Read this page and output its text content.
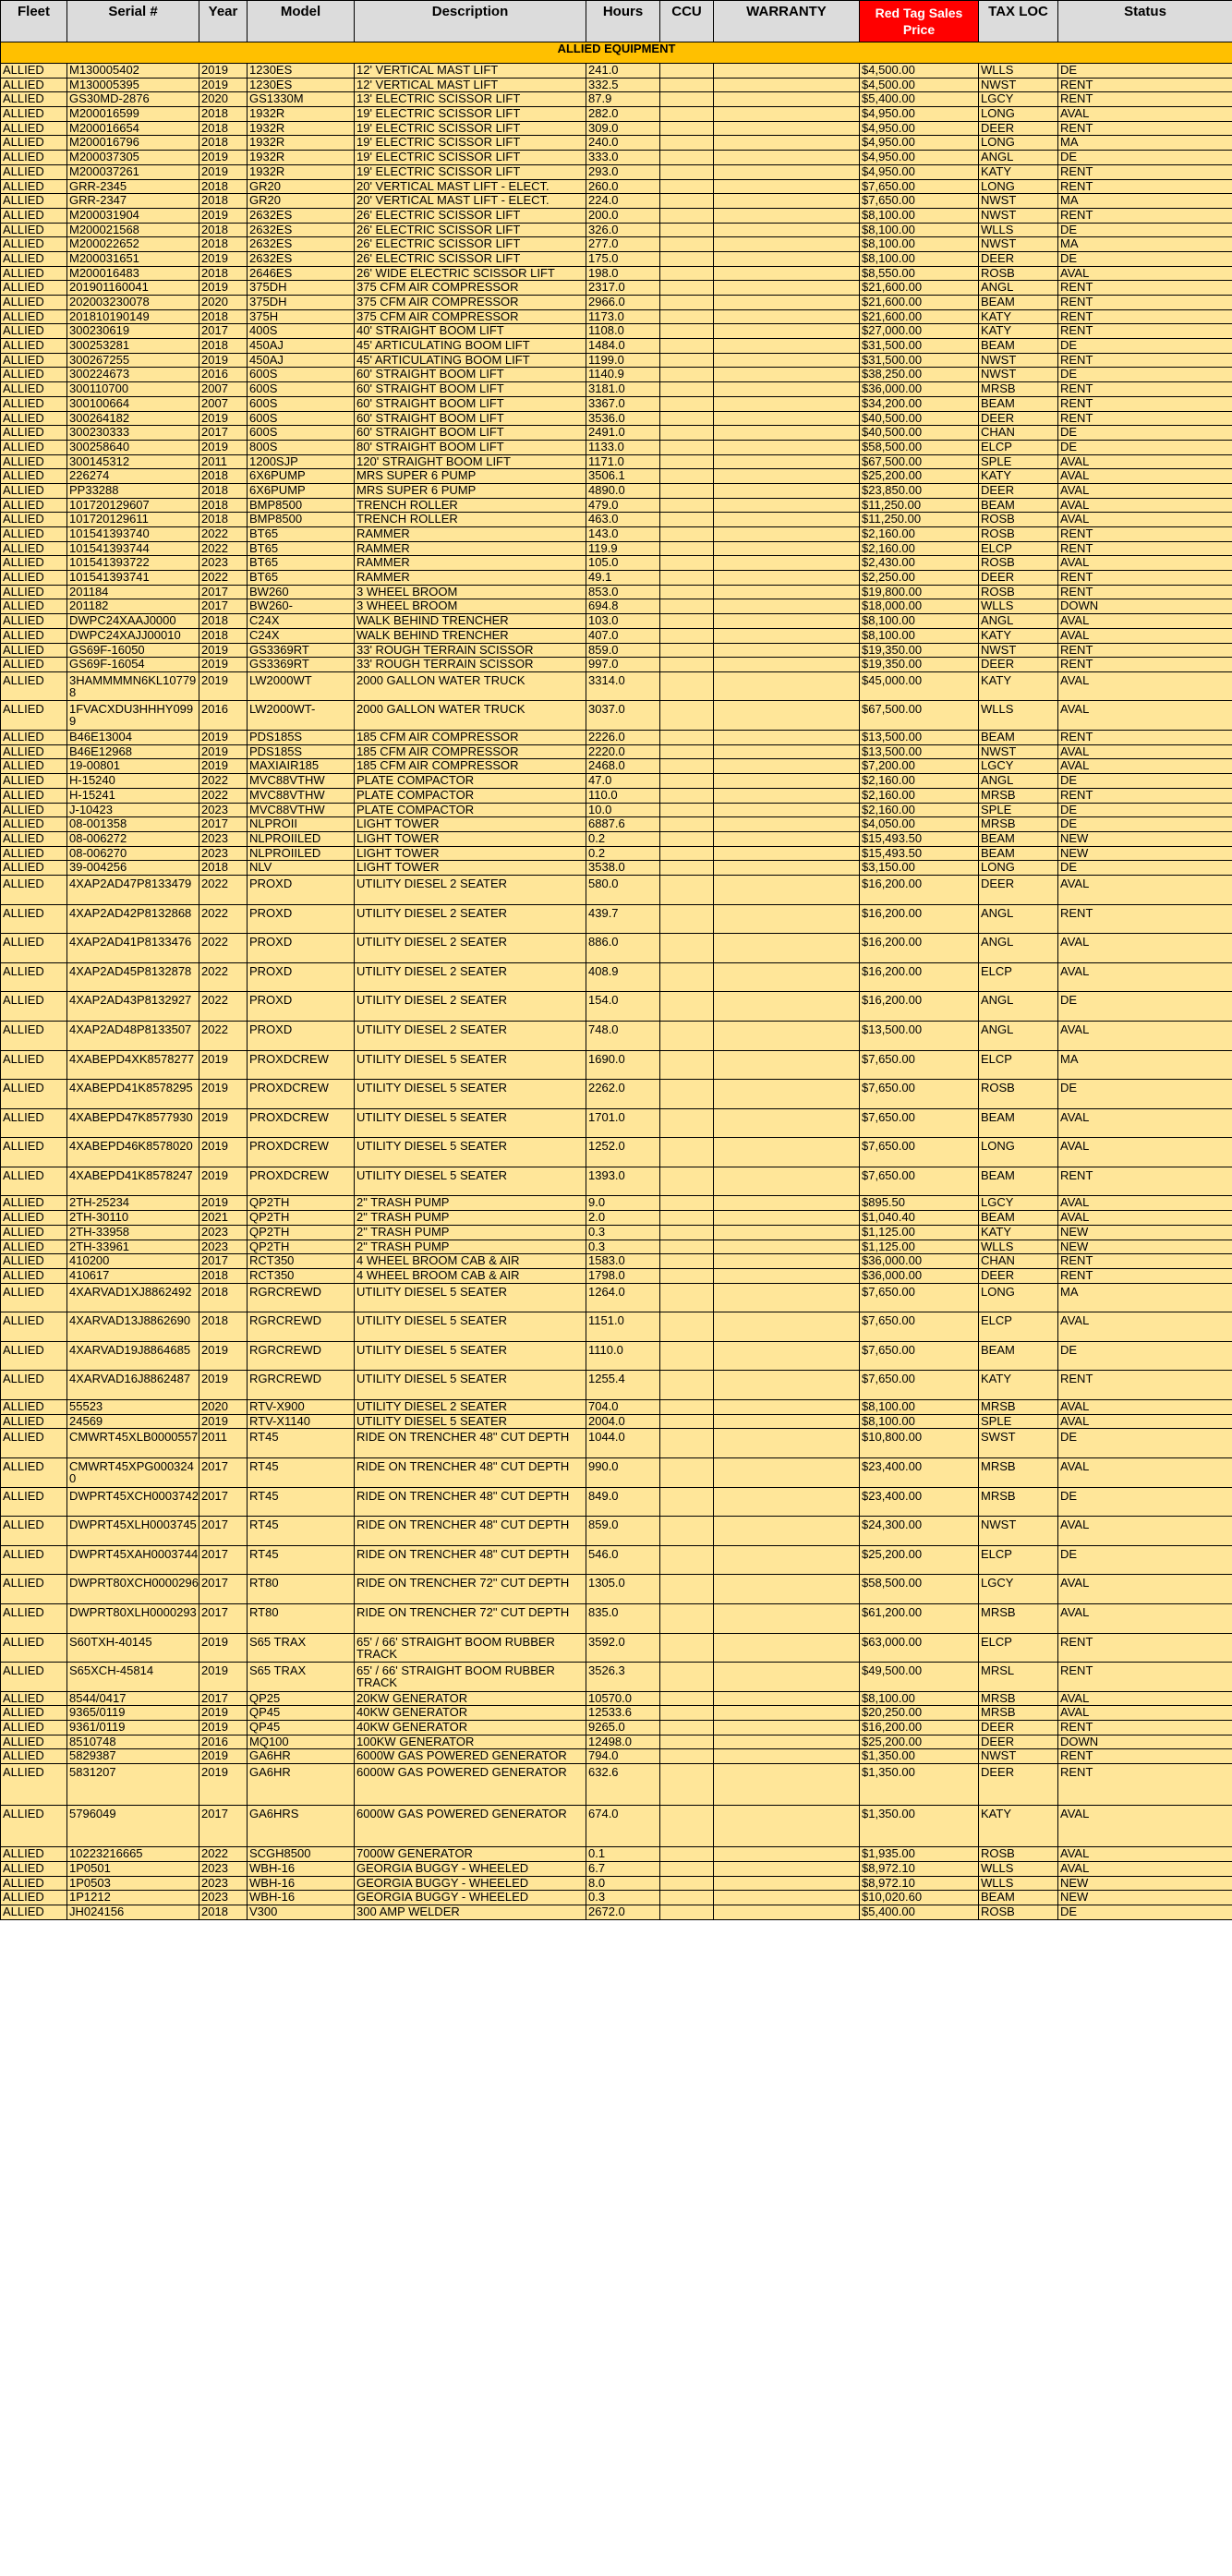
Fleet	Serial #	Year	Model	Description	Hours	CCU	WARRANTY	Red Tag Sales Price	TAX LOC	Status
ALLIED EQUIPMENT										
ALLIED	M130005402	2019	1230ES	12' VERTICAL MAST LIFT	241.0			$4,500.00	WLLS	DE
ALLIED	M130005395	2019	1230ES	12' VERTICAL MAST LIFT	332.5			$4,500.00	NWST	RENT
ALLIED	GS30MD-2876	2020	GS1330M	13' ELECTRIC SCISSOR LIFT	87.9			$5,400.00	LGCY	RENT
ALLIED	M200016599	2018	1932R	19' ELECTRIC SCISSOR LIFT	282.0			$4,950.00	LONG	AVAL
ALLIED	M200016654	2018	1932R	19' ELECTRIC SCISSOR LIFT	309.0			$4,950.00	DEER	RENT
ALLIED	M200016796	2018	1932R	19' ELECTRIC SCISSOR LIFT	240.0			$4,950.00	LONG	MA
ALLIED	M200037305	2019	1932R	19' ELECTRIC SCISSOR LIFT	333.0			$4,950.00	ANGL	DE
ALLIED	M200037261	2019	1932R	19' ELECTRIC SCISSOR LIFT	293.0			$4,950.00	KATY	RENT
ALLIED	GRR-2345	2018	GR20	20' VERTICAL MAST LIFT - ELECT.	260.0			$7,650.00	LONG	RENT
ALLIED	GRR-2347	2018	GR20	20' VERTICAL MAST LIFT - ELECT.	224.0			$7,650.00	NWST	MA
ALLIED	M200031904	2019	2632ES	26' ELECTRIC SCISSOR LIFT	200.0			$8,100.00	NWST	RENT
ALLIED	M200021568	2018	2632ES	26' ELECTRIC SCISSOR LIFT	326.0			$8,100.00	WLLS	DE
ALLIED	M200022652	2018	2632ES	26' ELECTRIC SCISSOR LIFT	277.0			$8,100.00	NWST	MA
ALLIED	M200031651	2019	2632ES	26' ELECTRIC SCISSOR LIFT	175.0			$8,100.00	DEER	DE
ALLIED	M200016483	2018	2646ES	26' WIDE ELECTRIC SCISSOR LIFT	198.0			$8,550.00	ROSB	AVAL
ALLIED	201901160041	2019	375DH	375 CFM AIR COMPRESSOR	2317.0			$21,600.00	ANGL	RENT
ALLIED	202003230078	2020	375DH	375 CFM AIR COMPRESSOR	2966.0			$21,600.00	BEAM	RENT
ALLIED	201810190149	2018	375H	375 CFM AIR COMPRESSOR	1173.0			$21,600.00	KATY	RENT
ALLIED	300230619	2017	400S	40' STRAIGHT BOOM LIFT	1108.0			$27,000.00	KATY	RENT
ALLIED	300253281	2018	450AJ	45' ARTICULATING BOOM LIFT	1484.0			$31,500.00	BEAM	DE
ALLIED	300267255	2019	450AJ	45' ARTICULATING BOOM LIFT	1199.0			$31,500.00	NWST	RENT
ALLIED	300224673	2016	600S	60' STRAIGHT BOOM LIFT	1140.9			$38,250.00	NWST	DE
ALLIED	300110700	2007	600S	60' STRAIGHT BOOM LIFT	3181.0			$36,000.00	MRSB	RENT
ALLIED	300100664	2007	600S	60' STRAIGHT BOOM LIFT	3367.0			$34,200.00	BEAM	RENT
ALLIED	300264182	2019	600S	60' STRAIGHT BOOM LIFT	3536.0			$40,500.00	DEER	RENT
ALLIED	300230333	2017	600S	60' STRAIGHT BOOM LIFT	2491.0			$40,500.00	CHAN	DE
ALLIED	300258640	2019	800S	80' STRAIGHT BOOM LIFT	1133.0			$58,500.00	ELCP	DE
ALLIED	300145312	2011	1200SJP	120' STRAIGHT BOOM LIFT	1171.0			$67,500.00	SPLE	AVAL
ALLIED	226274	2018	6X6PUMP	MRS SUPER 6 PUMP	3506.1			$25,200.00	KATY	AVAL
ALLIED	PP33288	2018	6X6PUMP	MRS SUPER 6 PUMP	4890.0			$23,850.00	DEER	AVAL
ALLIED	101720129607	2018	BMP8500	TRENCH ROLLER	479.0			$11,250.00	BEAM	AVAL
ALLIED	101720129611	2018	BMP8500	TRENCH ROLLER	463.0			$11,250.00	ROSB	AVAL
ALLIED	101541393740	2022	BT65	RAMMER	143.0			$2,160.00	ROSB	RENT
ALLIED	101541393744	2022	BT65	RAMMER	119.9			$2,160.00	ELCP	RENT
ALLIED	101541393722	2023	BT65	RAMMER	105.0			$2,430.00	ROSB	AVAL
ALLIED	101541393741	2022	BT65	RAMMER	49.1			$2,250.00	DEER	RENT
ALLIED	201184	2017	BW260	3 WHEEL BROOM	853.0			$19,800.00	ROSB	RENT
ALLIED	201182	2017	BW260-	3 WHEEL BROOM	694.8			$18,000.00	WLLS	DOWN
ALLIED	DWPC24XAAJ0000	2018	C24X	WALK BEHIND TRENCHER	103.0			$8,100.00	ANGL	AVAL
ALLIED	DWPC24XAJJ00010	2018	C24X	WALK BEHIND TRENCHER	407.0			$8,100.00	KATY	AVAL
ALLIED	GS69F-16050	2019	GS3369RT	33' ROUGH TERRAIN SCISSOR	859.0			$19,350.00	NWST	RENT
ALLIED	GS69F-16054	2019	GS3369RT	33' ROUGH TERRAIN SCISSOR	997.0			$19,350.00	DEER	RENT
ALLIED	3HAMMMMN6KL107798	2019	LW2000WT	2000 GALLON WATER TRUCK	3314.0			$45,000.00	KATY	AVAL
ALLIED	1FVACXDU3HHHY0999	2016	LW2000WT-	2000 GALLON WATER TRUCK	3037.0			$67,500.00	WLLS	AVAL
ALLIED	B46E13004	2019	PDS185S	185 CFM AIR COMPRESSOR	2226.0			$13,500.00	BEAM	RENT
ALLIED	B46E12968	2019	PDS185S	185 CFM AIR COMPRESSOR	2220.0			$13,500.00	NWST	AVAL
ALLIED	19-00801	2019	MAXIAIR185	185 CFM AIR COMPRESSOR	2468.0			$7,200.00	LGCY	AVAL
ALLIED	H-15240	2022	MVC88VTHW	PLATE COMPACTOR	47.0			$2,160.00	ANGL	DE
ALLIED	H-15241	2022	MVC88VTHW	PLATE COMPACTOR	110.0			$2,160.00	MRSB	RENT
ALLIED	J-10423	2023	MVC88VTHW	PLATE COMPACTOR	10.0			$2,160.00	SPLE	DE
ALLIED	08-001358	2017	NLPROII	LIGHT TOWER	6887.6			$4,050.00	MRSB	DE
ALLIED	08-006272	2023	NLPROIILED	LIGHT TOWER	0.2			$15,493.50	BEAM	NEW
ALLIED	08-006270	2023	NLPROIILED	LIGHT TOWER	0.2			$15,493.50	BEAM	NEW
ALLIED	39-004256	2018	NLV	LIGHT TOWER	3538.0			$3,150.00	LONG	DE
ALLIED	4XAP2AD47P8133479	2022	PROXD	UTILITY DIESEL 2 SEATER	580.0			$16,200.00	DEER	AVAL
ALLIED	4XAP2AD42P8132868	2022	PROXD	UTILITY DIESEL 2 SEATER	439.7			$16,200.00	ANGL	RENT
ALLIED	4XAP2AD41P8133476	2022	PROXD	UTILITY DIESEL 2 SEATER	886.0			$16,200.00	ANGL	AVAL
ALLIED	4XAP2AD45P8132878	2022	PROXD	UTILITY DIESEL 2 SEATER	408.9			$16,200.00	ELCP	AVAL
ALLIED	4XAP2AD43P8132927	2022	PROXD	UTILITY DIESEL 2 SEATER	154.0			$16,200.00	ANGL	DE
ALLIED	4XAP2AD48P8133507	2022	PROXD	UTILITY DIESEL 2 SEATER	748.0			$13,500.00	ANGL	AVAL
ALLIED	4XABEPD4XK8578277	2019	PROXDCREW	UTILITY DIESEL 5 SEATER	1690.0			$7,650.00	ELCP	MA
ALLIED	4XABEPD41K8578295	2019	PROXDCREW	UTILITY DIESEL 5 SEATER	2262.0			$7,650.00	ROSB	DE
ALLIED	4XABEPD47K8577930	2019	PROXDCREW	UTILITY DIESEL 5 SEATER	1701.0			$7,650.00	BEAM	AVAL
ALLIED	4XABEPD46K8578020	2019	PROXDCREW	UTILITY DIESEL 5 SEATER	1252.0			$7,650.00	LONG	AVAL
ALLIED	4XABEPD41K8578247	2019	PROXDCREW	UTILITY DIESEL 5 SEATER	1393.0			$7,650.00	BEAM	RENT
ALLIED	2TH-25234	2019	QP2TH	2" TRASH PUMP	9.0			$895.50	LGCY	AVAL
ALLIED	2TH-30110	2021	QP2TH	2" TRASH PUMP	2.0			$1,040.40	BEAM	AVAL
ALLIED	2TH-33958	2023	QP2TH	2" TRASH PUMP	0.3			$1,125.00	KATY	NEW
ALLIED	2TH-33961	2023	QP2TH	2" TRASH PUMP	0.3			$1,125.00	WLLS	NEW
ALLIED	410200	2017	RCT350	4 WHEEL BROOM CAB & AIR	1583.0			$36,000.00	CHAN	RENT
ALLIED	410617	2018	RCT350	4 WHEEL BROOM CAB & AIR	1798.0			$36,000.00	DEER	RENT
ALLIED	4XARVAD1XJ8862492	2018	RGRCREWD	UTILITY DIESEL 5 SEATER	1264.0			$7,650.00	LONG	MA
ALLIED	4XARVAD13J8862690	2018	RGRCREWD	UTILITY DIESEL 5 SEATER	1151.0			$7,650.00	ELCP	AVAL
ALLIED	4XARVAD19J8864685	2019	RGRCREWD	UTILITY DIESEL 5 SEATER	1110.0			$7,650.00	BEAM	DE
ALLIED	4XARVAD16J8862487	2019	RGRCREWD	UTILITY DIESEL 5 SEATER	1255.4			$7,650.00	KATY	RENT
ALLIED	55523	2020	RTV-X900	UTILITY DIESEL 2 SEATER	704.0			$8,100.00	MRSB	AVAL
ALLIED	24569	2019	RTV-X1140	UTILITY DIESEL 5 SEATER	2004.0			$8,100.00	SPLE	AVAL
ALLIED	CMWRT45XLB0000557	2011	RT45	RIDE ON TRENCHER 48" CUT DEPTH	1044.0			$10,800.00	SWST	DE
ALLIED	CMWRT45XPG0003240	2017	RT45	RIDE ON TRENCHER 48" CUT DEPTH	990.0			$23,400.00	MRSB	AVAL
ALLIED	DWPRT45XCH0003742	2017	RT45	RIDE ON TRENCHER 48" CUT DEPTH	849.0			$23,400.00	MRSB	DE
ALLIED	DWPRT45XLH0003745	2017	RT45	RIDE ON TRENCHER 48" CUT DEPTH	859.0			$24,300.00	NWST	AVAL
ALLIED	DWPRT45XAH0003744	2017	RT45	RIDE ON TRENCHER 48" CUT DEPTH	546.0			$25,200.00	ELCP	DE
ALLIED	DWPRT80XCH0000296	2017	RT80	RIDE ON TRENCHER 72" CUT DEPTH	1305.0			$58,500.00	LGCY	AVAL
ALLIED	DWPRT80XLH0000293	2017	RT80	RIDE ON TRENCHER 72" CUT DEPTH	835.0			$61,200.00	MRSB	AVAL
ALLIED	S60TXH-40145	2019	S65 TRAX	65' / 66' STRAIGHT BOOM RUBBER TRACK	3592.0			$63,000.00	ELCP	RENT
ALLIED	S65XCH-45814	2019	S65 TRAX	65' / 66' STRAIGHT BOOM RUBBER TRACK	3526.3			$49,500.00	MRSL	RENT
ALLIED	8544/0417	2017	QP25	20KW GENERATOR	10570.0			$8,100.00	MRSB	AVAL
ALLIED	9365/0119	2019	QP45	40KW GENERATOR	12533.6			$20,250.00	MRSB	AVAL
ALLIED	9361/0119	2019	QP45	40KW GENERATOR	9265.0			$16,200.00	DEER	RENT
ALLIED	8510748	2016	MQ100	100KW GENERATOR	12498.0			$25,200.00	DEER	DOWN
ALLIED	5829387	2019	GA6HR	6000W GAS POWERED GENERATOR	794.0			$1,350.00	NWST	RENT
ALLIED	5831207	2019	GA6HR	6000W GAS POWERED GENERATOR	632.6			$1,350.00	DEER	RENT
ALLIED	5796049	2017	GA6HRS	6000W GAS POWERED GENERATOR	674.0			$1,350.00	KATY	AVAL
ALLIED	10223216665	2022	SCGH8500	7000W GENERATOR	0.1			$1,935.00	ROSB	AVAL
ALLIED	1P0501	2023	WBH-16	GEORGIA BUGGY - WHEELED	6.7			$8,972.10	WLLS	AVAL
ALLIED	1P0503	2023	WBH-16	GEORGIA BUGGY - WHEELED	8.0			$8,972.10	WLLS	NEW
ALLIED	1P1212	2023	WBH-16	GEORGIA BUGGY - WHEELED	0.3			$10,020.60	BEAM	NEW
ALLIED	JH024156	2018	V300	300 AMP WELDER	2672.0			$5,400.00	ROSB	DE
